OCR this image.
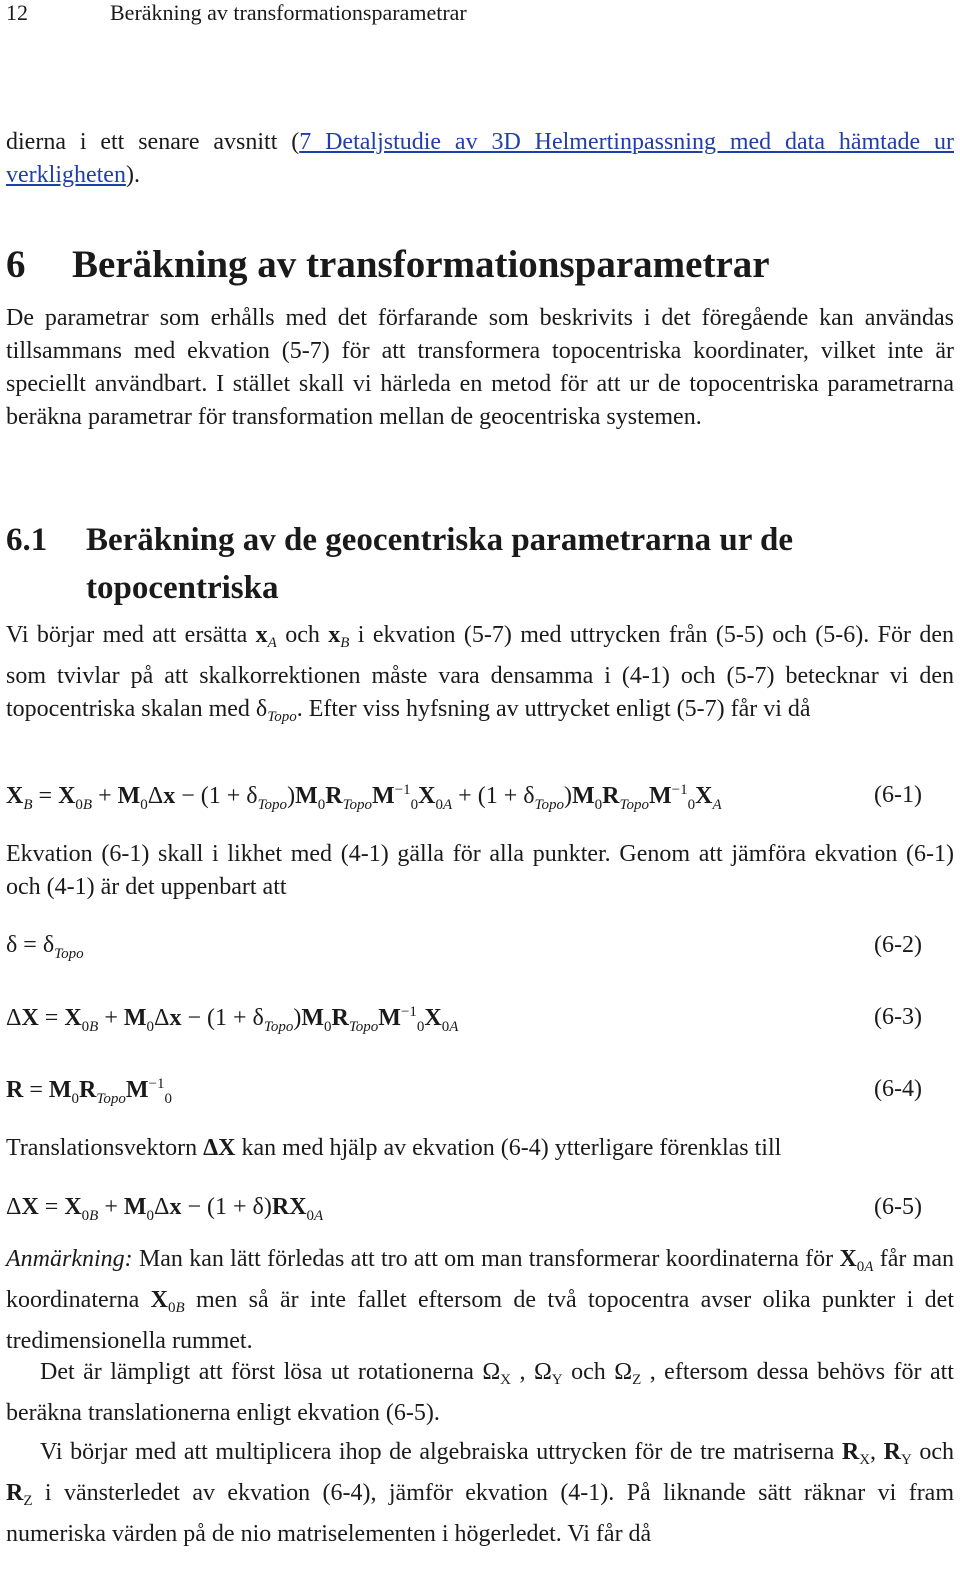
12	Beräkning av transformationsparametrar

dierna i ett senare avsnitt (7 Detaljstudie av 3D Helmertinpassning med data hämtade ur verkligheten).

6 Beräkning av transformationsparametrar

De parametrar som erhålls med det förfarande som beskrivits i det föregående kan användas tillsammans med ekvation (5-7) för att transformera topocentriska koordinater, vilket inte är speciellt användbart. I stället skall vi härleda en metod för att ur de topocentriska parametrarna beräkna parametrar för transformation mellan de geocentriska systemen.

6.1 Beräkning av de geocentriska parametrarna ur de
topocentriska

Vi börjar med att ersätta $x_A$ och $x_B$ i ekvation (5-7) med uttrycken från (5-5) och (5-6). För den som tvivlar på att skalkorrektionen måste vara densamma i (4-1) och (5-7) betecknar vi den topocentriska skalan med $\delta_{Topo}$. Efter viss hyfsning av uttrycket enligt (5-7) får vi då

$X_B = X_{0B} + M_0\Delta x - (1 + \delta_{Topo})M_0R_{Topo}M^{-1}_0X_{0A} + (1 + \delta_{Topo})M_0R_{Topo}M^{-1}_0X_A$	(6-1)

Ekvation (6-1) skall i likhet med (4-1) gälla för alla punkter. Genom att jämföra ekvation (6-1) och (4-1) är det uppenbart att

$\delta = \delta_{Topo}$	(6-2)
$\Delta X = X_{0B} + M_0\Delta x - (1 + \delta_{Topo})M_0R_{Topo}M^{-1}_0X_{0A}$	(6-3)
$R = M_0R_{Topo}M^{-1}_0$	(6-4)

Translationsvektorn ΔX kan med hjälp av ekvation (6-4) ytterligare förenklas till

$\Delta X = X_{0B} + M_0\Delta x - (1 + \delta)RX_{0A}$	(6-5)

Anmärkning: Man kan lätt förledas att tro att om man transformerar koordinaterna för $X_{0A}$ får man koordinaterna $X_{0B}$ men så är inte fallet eftersom de två topocentra avser olika punkter i det tredimensionella rummet.

Det är lämpligt att först lösa ut rotationerna $\Omega_X$ , $\Omega_Y$ och $\Omega_Z$ , eftersom dessa behövs för att beräkna translationerna enligt ekvation (6-5).

Vi börjar med att multiplicera ihop de algebraiska uttrycken för de tre matriserna $R_X$, $R_Y$ och $R_Z$ i vänsterledet av ekvation (6-4), jämför ekvation (4-1). På liknande sätt räknar vi fram numeriska värden på de nio matriselementen i högerledet. Vi får då
